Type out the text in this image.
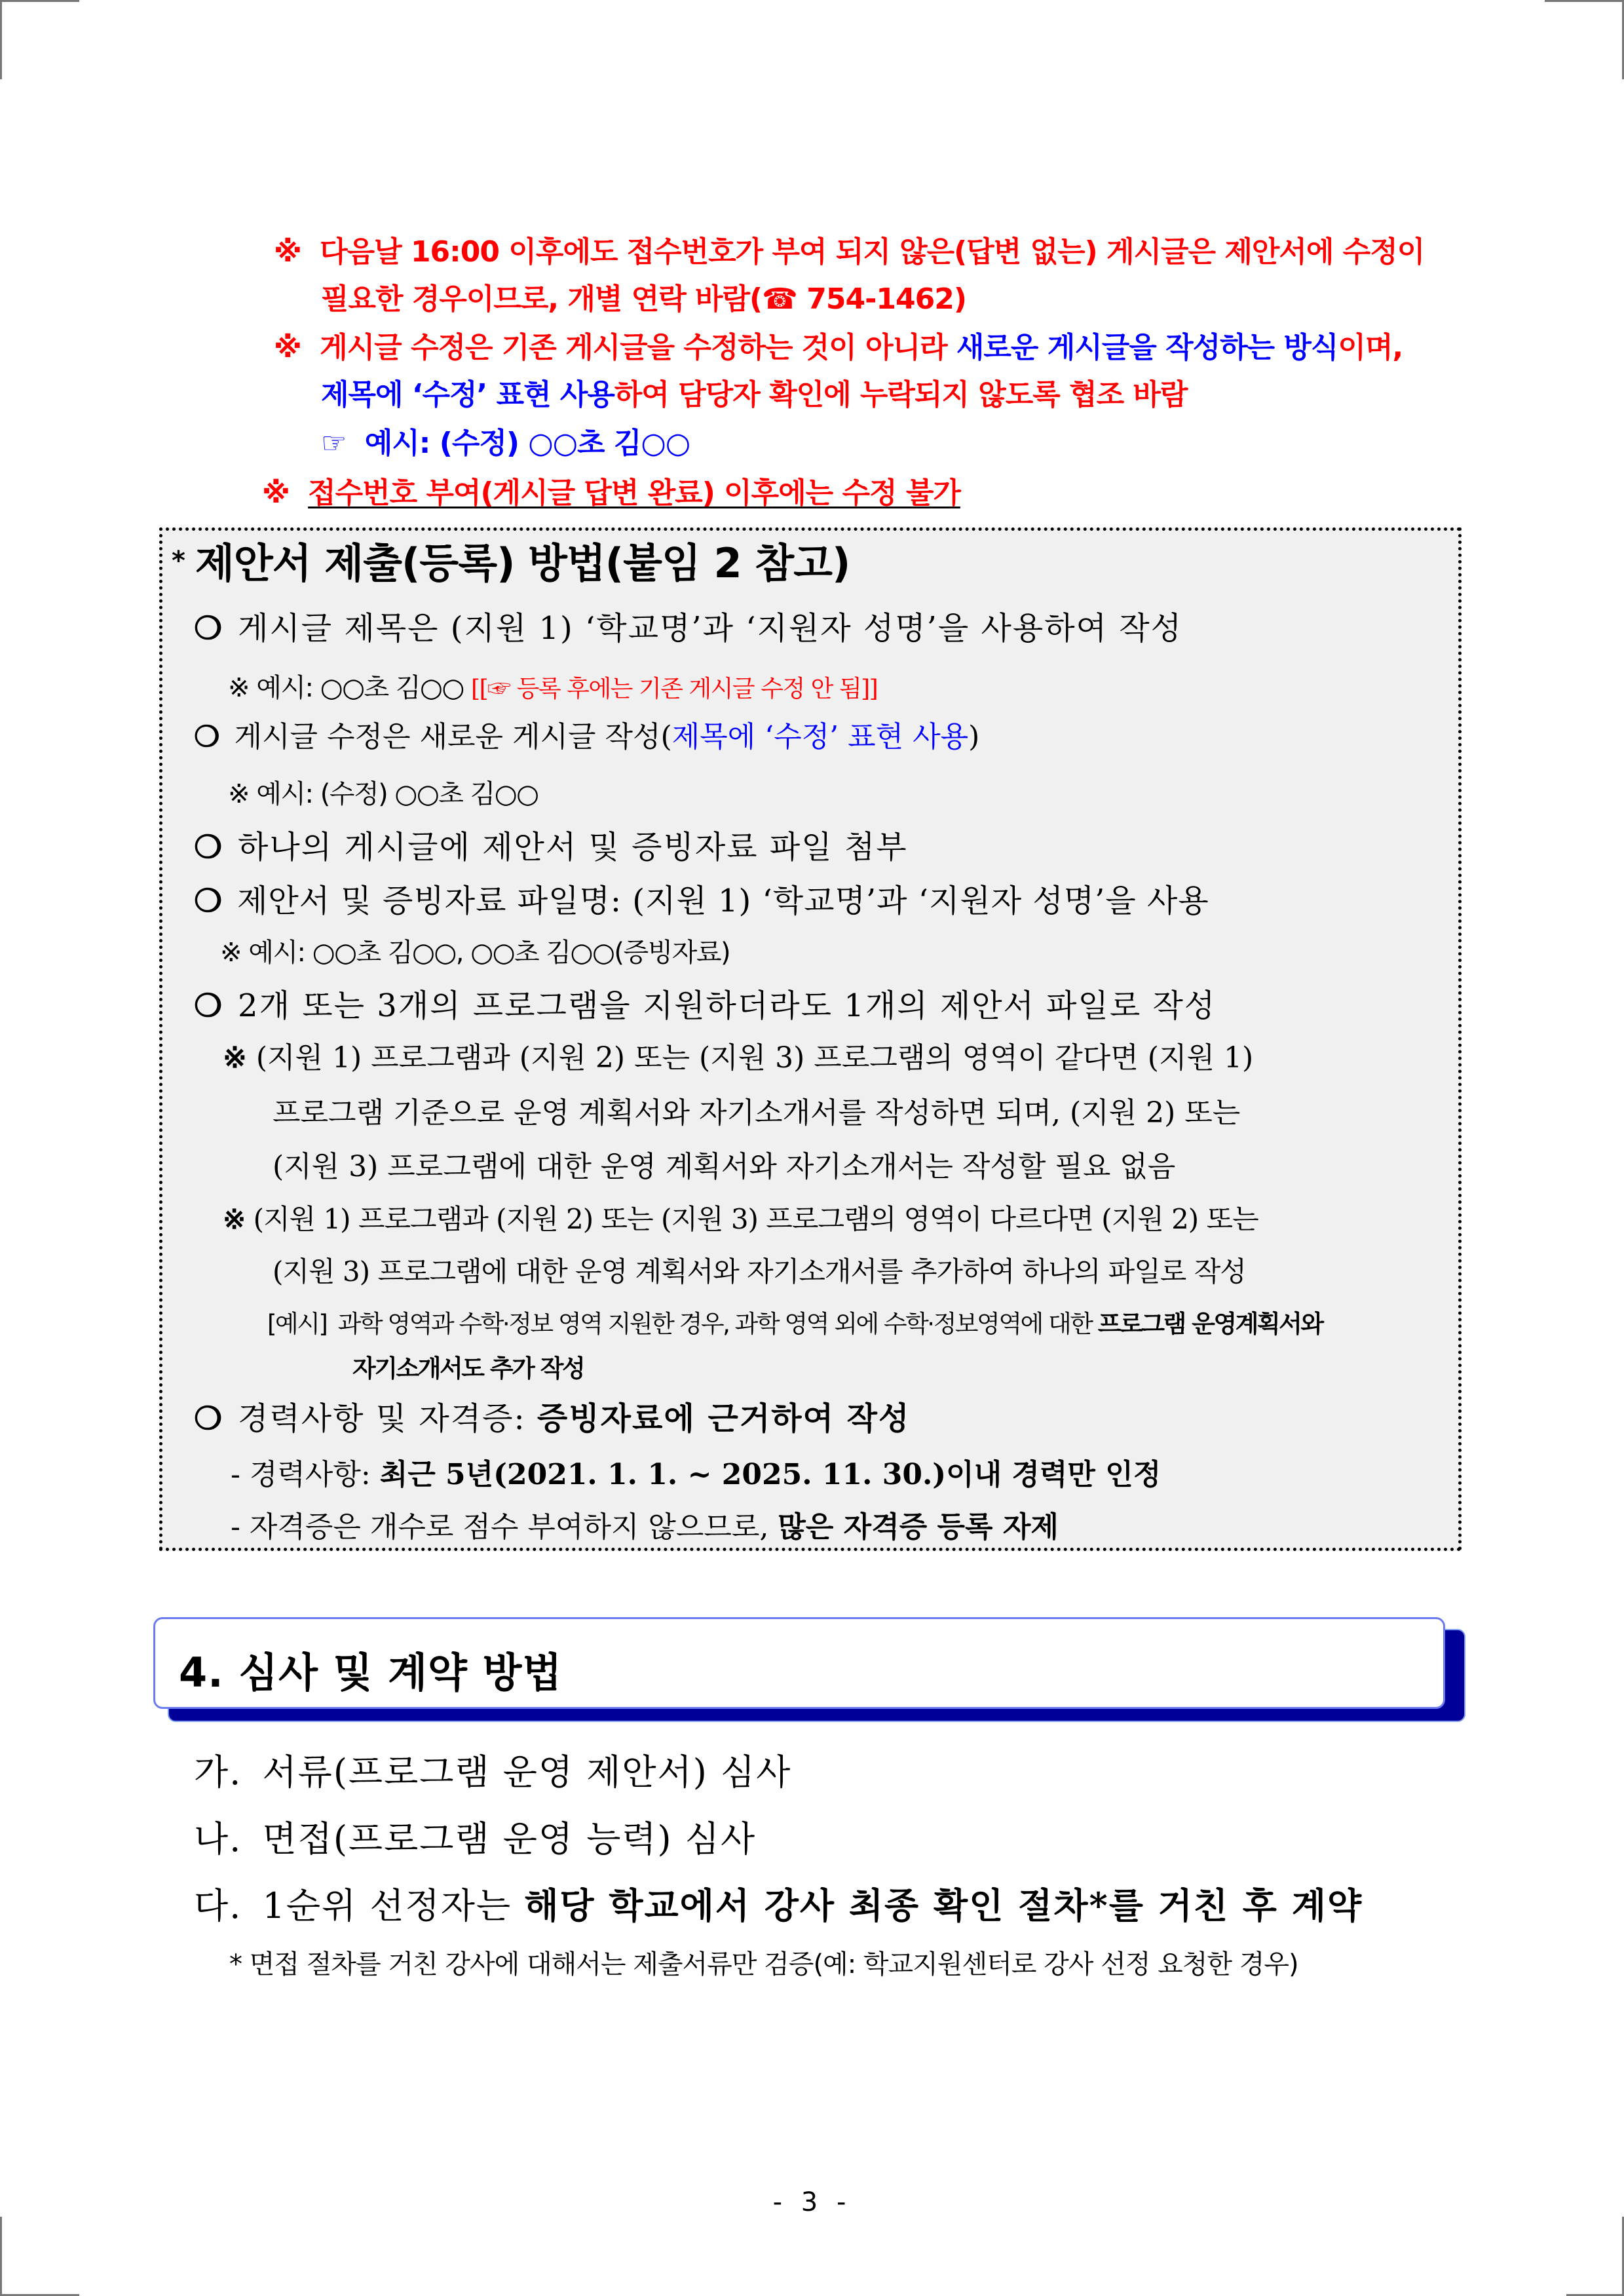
※ 다음날 16:00 이후에도 접수번호가 부여 되지 않은(답변 없는) 게시글은 제안서에 수정이
필요한 경우이므로, 개별 연락 바람(☎ 754-1462)
※ 게시글 수정은 기존 게시글을 수정하는 것이 아니라 새로운 게시글을 작성하는 방식이며,
제목에 ‘수정’ 표현 사용하여 담당자 확인에 누락되지 않도록 협조 바람
☞ 예시: (수정) ○○초 김○○
※ 접수번호 부여(게시글 답변 완료) 이후에는 수정 불가
* 제안서 제출(등록) 방법(붙임 2 참고)
❍ 게시글 제목은 (지원 1) ‘학교명’과 ‘지원자 성명’을 사용하여 작성
※ 예시: ○○초 김○○ [[☞ 등록 후에는 기존 게시글 수정 안 됨]]
❍ 게시글 수정은 새로운 게시글 작성(제목에 ‘수정’ 표현 사용)
※ 예시: (수정) ○○초 김○○
❍ 하나의 게시글에 제안서 및 증빙자료 파일 첨부
❍ 제안서 및 증빙자료 파일명: (지원 1) ‘학교명’과 ‘지원자 성명’을 사용
※ 예시: ○○초 김○○, ○○초 김○○(증빙자료)
❍ 2개 또는 3개의 프로그램을 지원하더라도 1개의 제안서 파일로 작성
※ (지원 1) 프로그램과 (지원 2) 또는 (지원 3) 프로그램의 영역이 같다면 (지원 1)
프로그램 기준으로 운영 계획서와 자기소개서를 작성하면 되며, (지원 2) 또는
(지원 3) 프로그램에 대한 운영 계획서와 자기소개서는 작성할 필요 없음
※ (지원 1) 프로그램과 (지원 2) 또는 (지원 3) 프로그램의 영역이 다르다면 (지원 2) 또는
(지원 3) 프로그램에 대한 운영 계획서와 자기소개서를 추가하여 하나의 파일로 작성
[예시] 과학 영역과 수학·정보 영역 지원한 경우, 과학 영역 외에 수학·정보영역에 대한 프로그램 운영계획서와
자기소개서도 추가 작성
❍ 경력사항 및 자격증: 증빙자료에 근거하여 작성
- 경력사항: 최근 5년(2021. 1. 1. ~ 2025. 11. 30.)이내 경력만 인정
- 자격증은 개수로 점수 부여하지 않으므로, 많은 자격증 등록 자제
4. 심사 및 계약 방법
가. 서류(프로그램 운영 제안서) 심사
나. 면접(프로그램 운영 능력) 심사
다. 1순위 선정자는 해당 학교에서 강사 최종 확인 절차*를 거친 후 계약
* 면접 절차를 거친 강사에 대해서는 제출서류만 검증(예: 학교지원센터로 강사 선정 요청한 경우)
- 3 -
